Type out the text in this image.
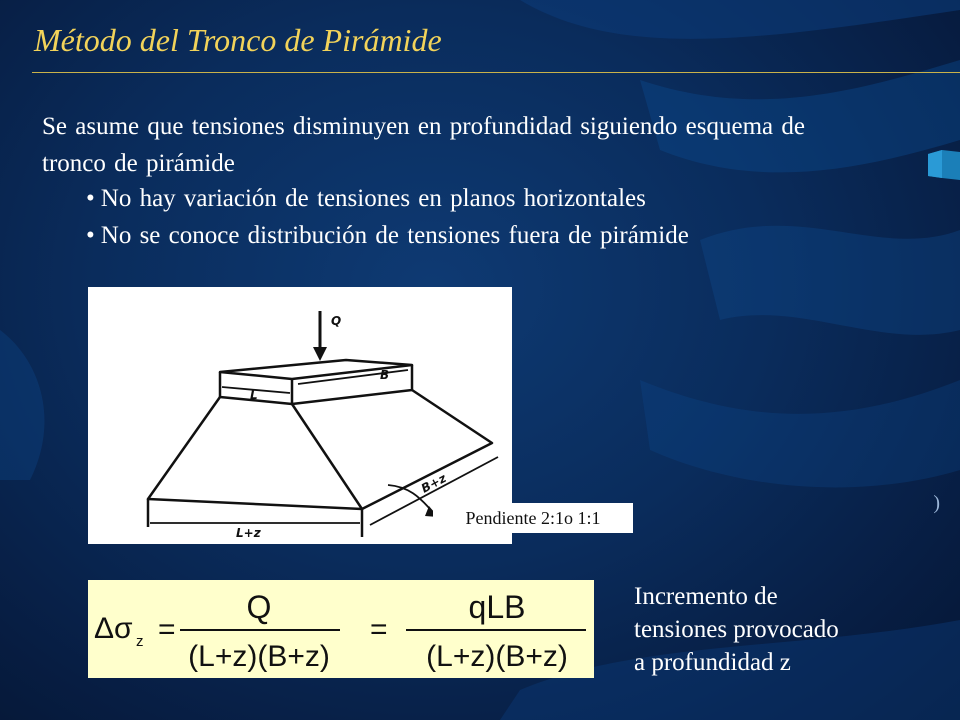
Método del Tronco de Pirámide

Se asume que tensiones disminuyen en profundidad siguiendo esquema de tronco de pirámide

• No hay variación de tensiones en planos horizontales
• No se conoce distribución de tensiones fuera de pirámide
Q
L
B
L+z
B+z
Pendiente 2:1o 1:1
Δσ z =
Q
(L+z)(B+z)
=
qLB
(L+z)(B+z)

Incremento de
tensiones provocado
a profundidad z

)
